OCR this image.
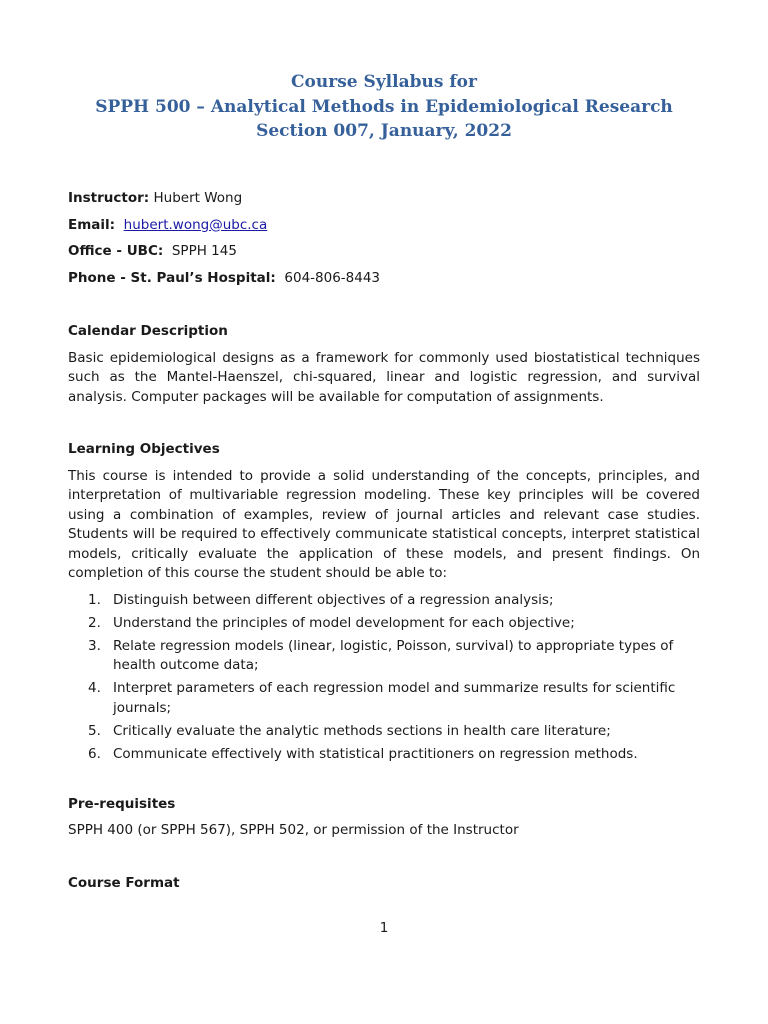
Course Syllabus for
SPPH 500 – Analytical Methods in Epidemiological Research
Section 007, January, 2022
Instructor: Hubert Wong
Email: hubert.wong@ubc.ca
Office - UBC: SPPH 145
Phone - St. Paul’s Hospital: 604-806-8443
Calendar Description

Basic epidemiological designs as a framework for commonly used biostatistical techniques such as the Mantel-Haenszel, chi-squared, linear and logistic regression, and survival analysis. Computer packages will be available for computation of assignments.

Learning Objectives

This course is intended to provide a solid understanding of the concepts, principles, and interpretation of multivariable regression modeling. These key principles will be covered using a combination of examples, review of journal articles and relevant case studies. Students will be required to effectively communicate statistical concepts, interpret statistical models, critically evaluate the application of these models, and present findings. On completion of this course the student should be able to:

1. Distinguish between different objectives of a regression analysis;
2. Understand the principles of model development for each objective;
3. Relate regression models (linear, logistic, Poisson, survival) to appropriate types of health outcome data;
4. Interpret parameters of each regression model and summarize results for scientific journals;
5. Critically evaluate the analytic methods sections in health care literature;
6. Communicate effectively with statistical practitioners on regression methods.
Pre-requisites

SPPH 400 (or SPPH 567), SPPH 502, or permission of the Instructor

Course Format
1
